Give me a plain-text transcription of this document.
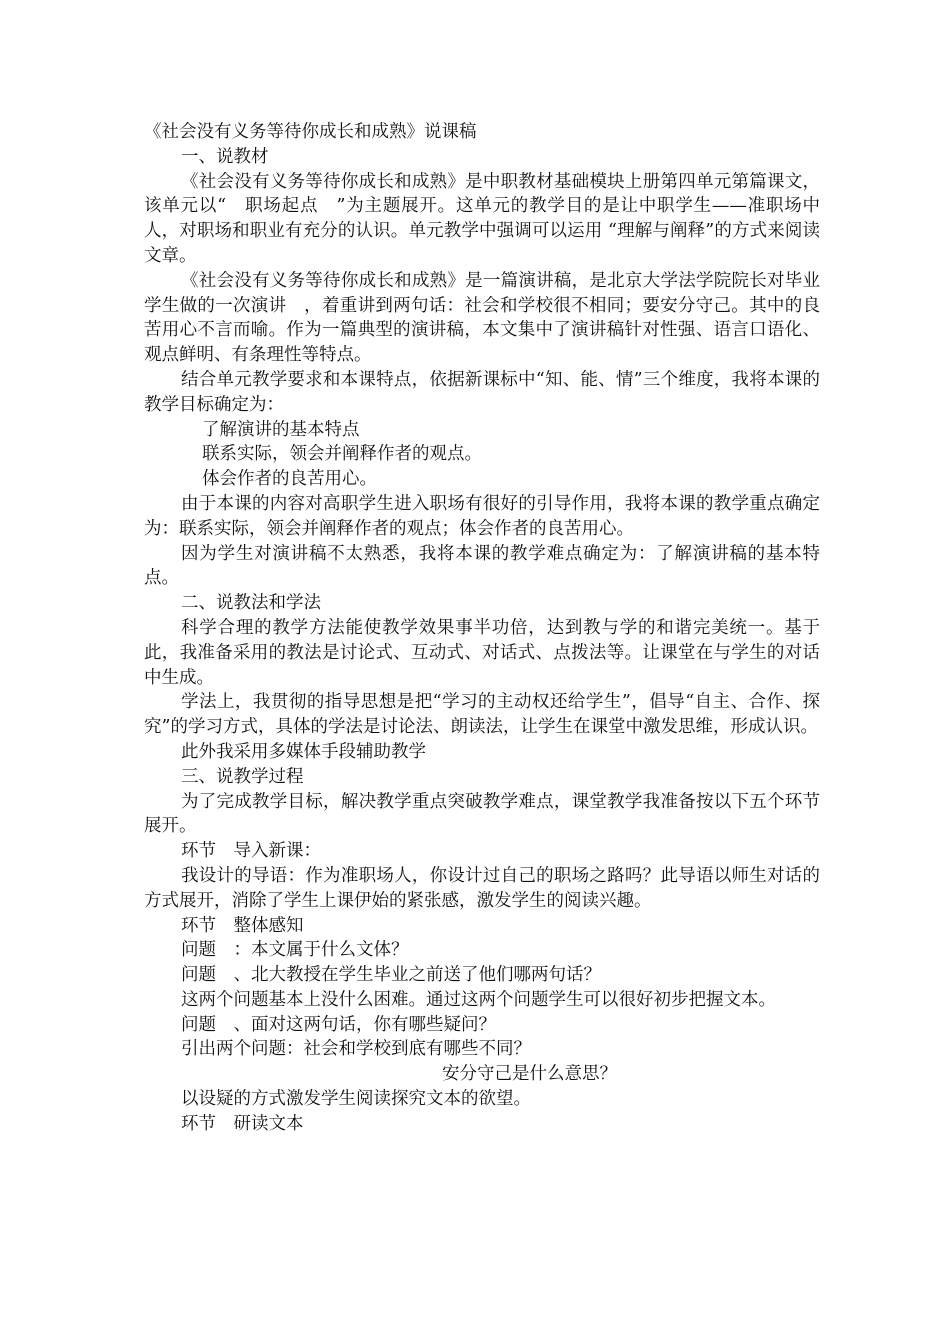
《社会没有义务等待你成长和成熟》说课稿

一、说教材

《社会没有义务等待你成长和成熟》是中职教材基础模块上册第四单元第篇课文，该单元以“　职场起点　”为主题展开。这单元的教学目的是让中职学生——准职场中人，对职场和职业有充分的认识。单元教学中强调可以运用 “理解与阐释”的方式来阅读文章。

《社会没有义务等待你成长和成熟》是一篇演讲稿，是北京大学法学院院长对毕业学生做的一次演讲　，着重讲到两句话：社会和学校很不相同；要安分守己。其中的良苦用心不言而喻。作为一篇典型的演讲稿，本文集中了演讲稿针对性强、语言口语化、观点鲜明、有条理性等特点。

结合单元教学要求和本课特点，依据新课标中“知、能、情”三个维度，我将本课的教学目标确定为：

了解演讲的基本特点

联系实际，领会并阐释作者的观点。

体会作者的良苦用心。

由于本课的内容对高职学生进入职场有很好的引导作用，我将本课的教学重点确定为：联系实际，领会并阐释作者的观点；体会作者的良苦用心。

因为学生对演讲稿不太熟悉，我将本课的教学难点确定为：了解演讲稿的基本特点。

二、说教法和学法

科学合理的教学方法能使教学效果事半功倍，达到教与学的和谐完美统一。基于此，我准备采用的教法是讨论式、互动式、对话式、点拨法等。让课堂在与学生的对话中生成。

学法上，我贯彻的指导思想是把“学习的主动权还给学生”，倡导“自主、合作、探究”的学习方式，具体的学法是讨论法、朗读法，让学生在课堂中激发思维，形成认识。

此外我采用多媒体手段辅助教学

三、说教学过程

为了完成教学目标，解决教学重点突破教学难点，课堂教学我准备按以下五个环节展开。

环节　导入新课：

我设计的导语：作为准职场人，你设计过自己的职场之路吗？此导语以师生对话的方式展开，消除了学生上课伊始的紧张感，激发学生的阅读兴趣。

环节　整体感知

问题　：本文属于什么文体？

问题　、北大教授在学生毕业之前送了他们哪两句话？

这两个问题基本上没什么困难。通过这两个问题学生可以很好初步把握文本。

问题　、面对这两句话，你有哪些疑问？

引出两个问题：社会和学校到底有哪些不同？

安分守己是什么意思？

以设疑的方式激发学生阅读探究文本的欲望。

环节　研读文本
